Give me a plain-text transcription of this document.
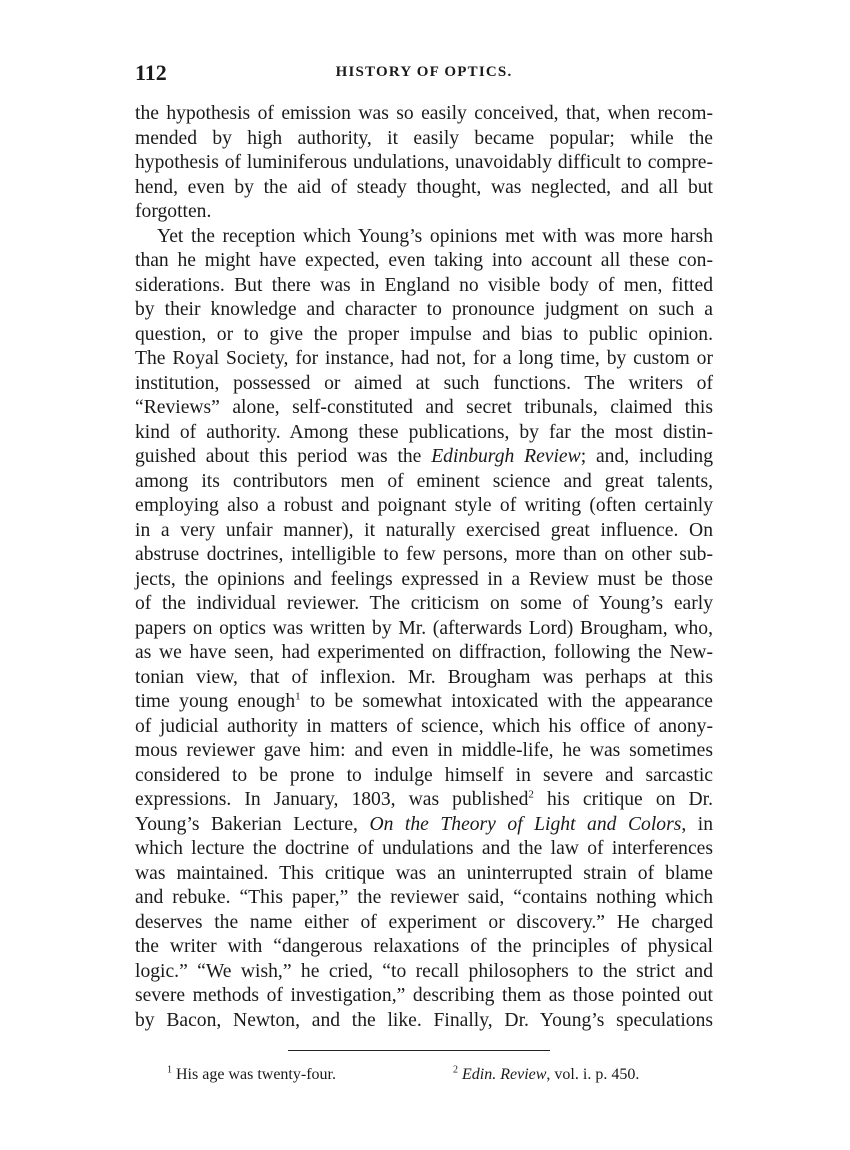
112	HISTORY OF OPTICS.
the hypothesis of emission was so easily conceived, that, when recom-
mended by high authority, it easily became popular; while the
hypothesis of luminiferous undulations, unavoidably difficult to compre-
hend, even by the aid of steady thought, was neglected, and all but
forgotten.
Yet the reception which Young’s opinions met with was more harsh
than he might have expected, even taking into account all these con-
siderations. But there was in England no visible body of men, fitted
by their knowledge and character to pronounce judgment on such a
question, or to give the proper impulse and bias to public opinion.
The Royal Society, for instance, had not, for a long time, by custom or
institution, possessed or aimed at such functions. The writers of
“Reviews” alone, self-constituted and secret tribunals, claimed this
kind of authority. Among these publications, by far the most distin-
guished about this period was the Edinburgh Review; and, including
among its contributors men of eminent science and great talents,
employing also a robust and poignant style of writing (often certainly
in a very unfair manner), it naturally exercised great influence. On
abstruse doctrines, intelligible to few persons, more than on other sub-
jects, the opinions and feelings expressed in a Review must be those
of the individual reviewer. The criticism on some of Young’s early
papers on optics was written by Mr. (afterwards Lord) Brougham, who,
as we have seen, had experimented on diffraction, following the New-
tonian view, that of inflexion. Mr. Brougham was perhaps at this
time young enough$^1$ to be somewhat intoxicated with the appearance
of judicial authority in matters of science, which his office of anony-
mous reviewer gave him: and even in middle-life, he was sometimes
considered to be prone to indulge himself in severe and sarcastic
expressions. In January, 1803, was published$^2$ his critique on Dr.
Young’s Bakerian Lecture, On the Theory of Light and Colors, in
which lecture the doctrine of undulations and the law of interferences
was maintained. This critique was an uninterrupted strain of blame
and rebuke. “This paper,” the reviewer said, “contains nothing which
deserves the name either of experiment or discovery.” He charged
the writer with “dangerous relaxations of the principles of physical
logic.” “We wish,” he cried, “to recall philosophers to the strict and
severe methods of investigation,” describing them as those pointed out
by Bacon, Newton, and the like. Finally, Dr. Young’s speculations
$^1$ His age was twenty-four.	$^2$ Edin. Review, vol. i. p. 450.
